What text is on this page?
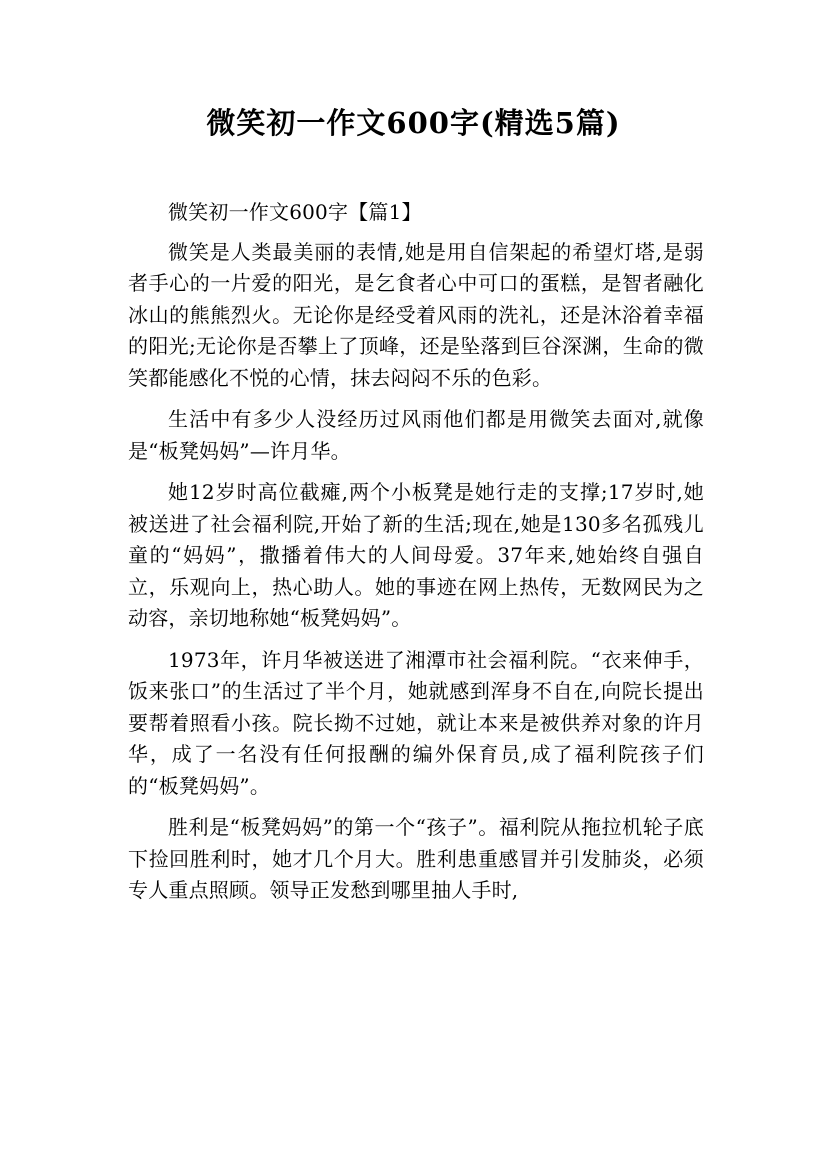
微笑初一作文600字(精选5篇)

微笑初一作文600字【篇1】

微笑是人类最美丽的表情,她是用自信架起的希望灯塔,是弱者手心的一片爱的阳光，是乞食者心中可口的蛋糕，是智者融化冰山的熊熊烈火。无论你是经受着风雨的洗礼，还是沐浴着幸福的阳光;无论你是否攀上了顶峰，还是坠落到巨谷深渊，生命的微笑都能感化不悦的心情，抹去闷闷不乐的色彩。

生活中有多少人没经历过风雨他们都是用微笑去面对,就像是“板凳妈妈”—许月华。

她12岁时高位截瘫,两个小板凳是她行走的支撑;17岁时,她被送进了社会福利院,开始了新的生活;现在,她是130多名孤残儿童的“妈妈”，撒播着伟大的人间母爱。37年来,她始终自强自立，乐观向上，热心助人。她的事迹在网上热传，无数网民为之动容，亲切地称她“板凳妈妈”。

1973年，许月华被送进了湘潭市社会福利院。“衣来伸手，饭来张口”的生活过了半个月，她就感到浑身不自在,向院长提出要帮着照看小孩。院长拗不过她，就让本来是被供养对象的许月华，成了一名没有任何报酬的编外保育员,成了福利院孩子们的“板凳妈妈”。

胜利是“板凳妈妈”的第一个“孩子”。福利院从拖拉机轮子底下捡回胜利时，她才几个月大。胜利患重感冒并引发肺炎，必须专人重点照顾。领导正发愁到哪里抽人手时,
